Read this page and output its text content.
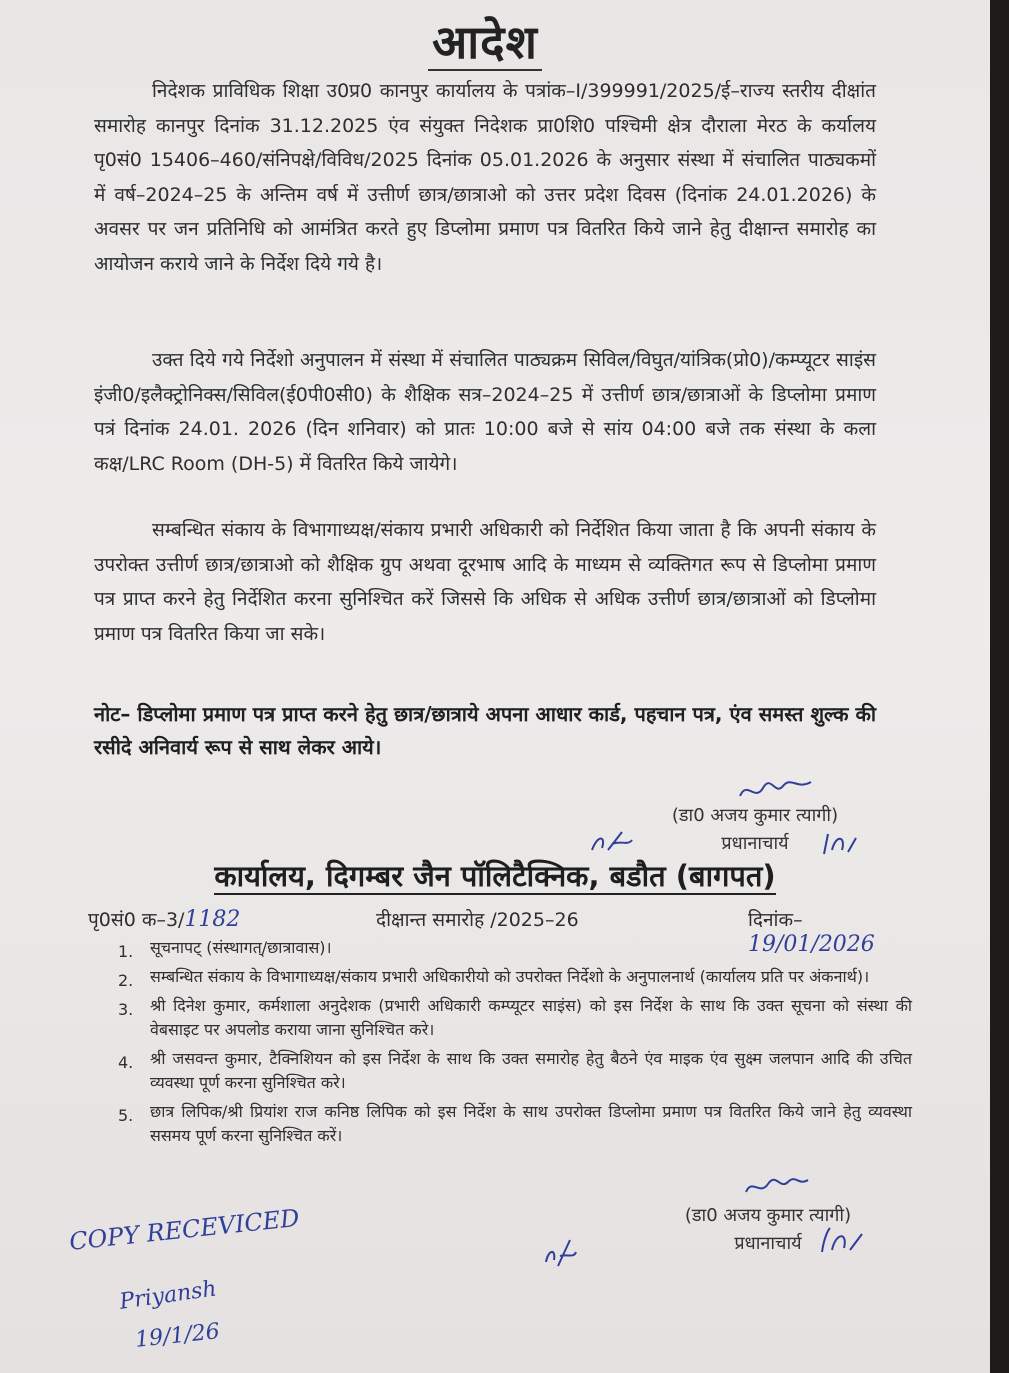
आदेश
निदेशक प्राविधिक शिक्षा उ0प्र0 कानपुर कार्यालय के पत्रांक–I/399991/2025/ई–राज्य स्तरीय दीक्षांत समारोह कानपुर दिनांक 31.12.2025 एंव संयुक्त निदेशक प्रा0शि0 पश्चिमी क्षेत्र दौराला मेरठ के कर्यालय पृ0सं0 15406–460/संनिपक्षे/विविध/2025 दिनांक 05.01.2026 के अनुसार संस्था में संचालित पाठ्यकमों में वर्ष–2024–25 के अन्तिम वर्ष में उत्तीर्ण छात्र/छात्राओ को उत्तर प्रदेश दिवस (दिनांक 24.01.2026) के अवसर पर जन प्रतिनिधि को आमंत्रित करते हुए डिप्लोमा प्रमाण पत्र वितरित किये जाने हेतु दीक्षान्त समारोह का आयोजन कराये जाने के निर्देश दिये गये है।
उक्त दिये गये निर्देशो अनुपालन में संस्था में संचालित पाठ्यक्रम सिविल/विघुत/यांत्रिक(प्रो0)/कम्प्यूटर साइंस इंजी0/इलैक्ट्रोनिक्स/सिविल(ई0पी0सी0) के शैक्षिक सत्र–2024–25 में उत्तीर्ण छात्र/छात्राओं के डिप्लोमा प्रमाण पत्रं दिनांक 24.01. 2026 (दिन शनिवार) को प्रातः 10:00 बजे से सांय 04:00 बजे तक संस्था के कला कक्ष/LRC Room (DH-5) में वितरित किये जायेगे।
सम्बन्धित संकाय के विभागाध्यक्ष/संकाय प्रभारी अधिकारी को निर्देशित किया जाता है कि अपनी संकाय के उपरोक्त उत्तीर्ण छात्र/छात्राओ को शैक्षिक ग्रुप अथवा दूरभाष आदि के माध्यम से व्यक्तिगत रूप से डिप्लोमा प्रमाण पत्र प्राप्त करने हेतु निर्देशित करना सुनिश्चित करें जिससे कि अधिक से अधिक उत्तीर्ण छात्र/छात्राओं को डिप्लोमा प्रमाण पत्र वितरित किया जा सके।
नोट– डिप्लोमा प्रमाण पत्र प्राप्त करने हेतु छात्र/छात्राये अपना आधार कार्ड, पहचान पत्र, एंव समस्त शुल्क की रसीदे अनिवार्य रूप से साथ लेकर आये।
(डा0 अजय कुमार त्यागी)
प्रधानाचार्य
कार्यालय, दिगम्बर जैन पॉलिटैक्निक, बडौत (बागपत)
पृ0सं0 क–3/1182	दीक्षान्त समारोह /2025–26	दिनांक–19/01/2026
1. सूचनापट् (संस्थागत्/छात्रावास)।
2. सम्बन्धित संकाय के विभागाध्यक्ष/संकाय प्रभारी अधिकारीयो को उपरोक्त निर्देशो के अनुपालनार्थ (कार्यालय प्रति पर अंकनार्थ)।
3. श्री दिनेश कुमार, कर्मशाला अनुदेशक (प्रभारी अधिकारी कम्प्यूटर साइंस) को इस निर्देश के साथ कि उक्त सूचना को संस्था की वेबसाइट पर अपलोड कराया जाना सुनिश्चित करे।
4. श्री जसवन्त कुमार, टैक्निशियन को इस निर्देश के साथ कि उक्त समारोह हेतु बैठने एंव माइक एंव सुक्ष्म जलपान आदि की उचित व्यवस्था पूर्ण करना सुनिश्चित करे।
5. छात्र लिपिक/श्री प्रियांश राज कनिष्ठ लिपिक को इस निर्देश के साथ उपरोक्त डिप्लोमा प्रमाण पत्र वितरित किये जाने हेतु व्यवस्था ससमय पूर्ण करना सुनिश्चित करें।
(डा0 अजय कुमार त्यागी)
प्रधानाचार्य
COPY RECEVICED
Priyansh
19/1/26
